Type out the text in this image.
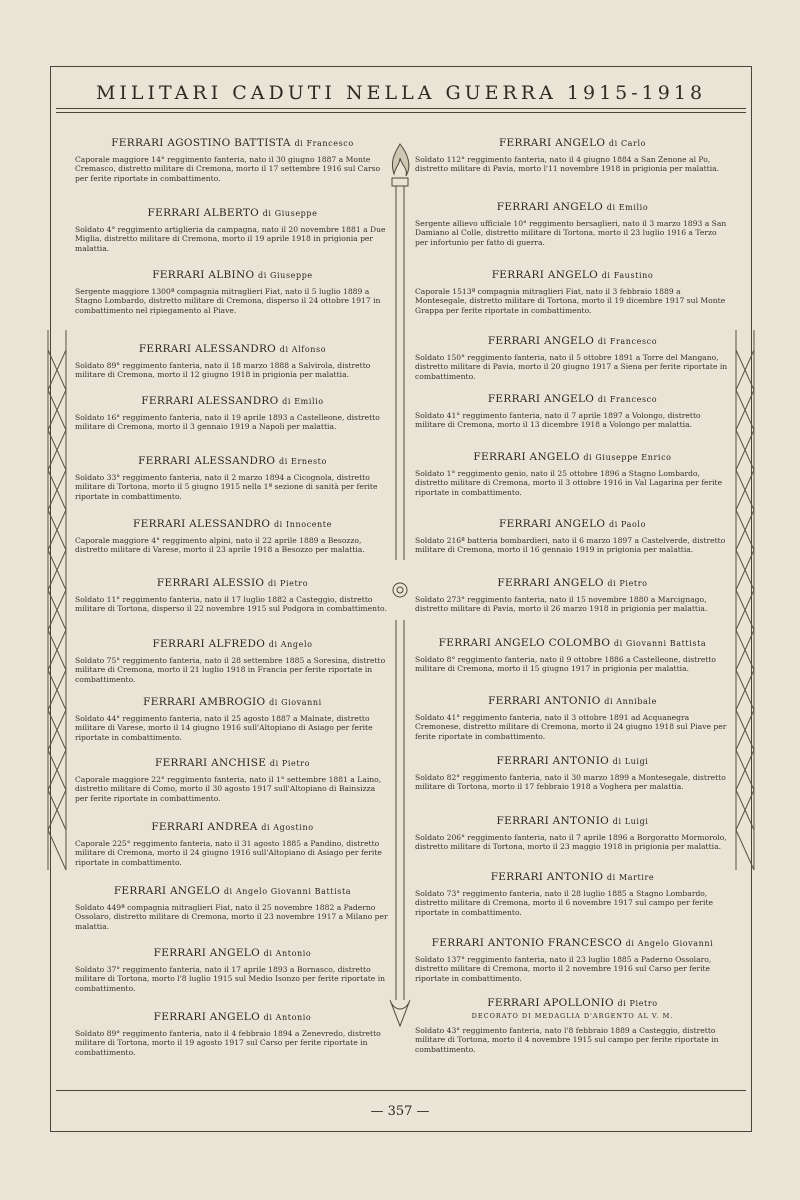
MILITARI CADUTI NELLA GUERRA 1915-1918
FERRARI AGOSTINO BATTISTA di Francesco
Caporale maggiore 14° reggimento fanteria, nato il 30 giugno 1887 a Monte Cremasco, distretto militare di Cremona, morto il 17 settembre 1916 sul Carso per ferite riportate in combattimento.
FERRARI ALBERTO di Giuseppe
Soldato 4° reggimento artiglieria da campagna, nato il 20 novembre 1881 a Due Miglia, distretto militare di Cremona, morto il 19 aprile 1918 in prigionia per malattia.
FERRARI ALBINO di Giuseppe
Sergente maggiore 1300ª compagnia mitraglieri Fiat, nato il 5 luglio 1889 a Stagno Lombardo, distretto militare di Cremona, disperso il 24 ottobre 1917 in combattimento nel ripiegamento al Piave.
FERRARI ALESSANDRO di Alfonso
Soldato 89° reggimento fanteria, nato il 18 marzo 1888 a Salvirola, distretto militare di Cremona, morto il 12 giugno 1918 in prigionia per malattia.
FERRARI ALESSANDRO di Emilio
Soldato 16° reggimento fanteria, nato il 19 aprile 1893 a Castelleone, distretto militare di Cremona, morto il 3 gennaio 1919 a Napoli per malattia.
FERRARI ALESSANDRO di Ernesto
Soldato 33° reggimento fanteria, nato il 2 marzo 1894 a Cicognola, distretto militare di Tortona, morto il 5 giugno 1915 nella 1ª sezione di sanità per ferite riportate in combattimento.
FERRARI ALESSANDRO di Innocente
Caporale maggiore 4° reggimento alpini, nato il 22 aprile 1889 a Besozzo, distretto militare di Varese, morto il 23 aprile 1918 a Besozzo per malattia.
FERRARI ALESSIO di Pietro
Soldato 11° reggimento fanteria, nato il 17 luglio 1882 a Casteggio, distretto militare di Tortona, disperso il 22 novembre 1915 sul Podgora in combattimento.
FERRARI ALFREDO di Angelo
Soldato 75° reggimento fanteria, nato il 28 settembre 1885 a Soresina, distretto militare di Cremona, morto il 21 luglio 1918 in Francia per ferite riportate in combattimento.
FERRARI AMBROGIO di Giovanni
Soldato 44° reggimento fanteria, nato il 25 agosto 1887 a Malnate, distretto militare di Varese, morto il 14 giugno 1916 sull'Altopiano di Asiago per ferite riportate in combattimento.
FERRARI ANCHISE di Pietro
Caporale maggiore 22° reggimento fanteria, nato il 1° settembre 1881 a Laino, distretto militare di Como, morto il 30 agosto 1917 sull'Altopiano di Bainsizza per ferite riportate in combattimento.
FERRARI ANDREA di Agostino
Caporale 225° reggimento fanteria, nato il 31 agosto 1885 a Pandino, distretto militare di Cremona, morto il 24 giugno 1916 sull'Altopiano di Asiago per ferite riportate in combattimento.
FERRARI ANGELO di Angelo Giovanni Battista
Soldato 449ª compagnia mitraglieri Fiat, nato il 25 novembre 1882 a Paderno Ossolaro, distretto militare di Cremona, morto il 23 novembre 1917 a Milano per malattia.
FERRARI ANGELO di Antonio
Soldato 37° reggimento fanteria, nato il 17 aprile 1893 a Bornasco, distretto militare di Tortona, morto l'8 luglio 1915 sul Medio Isonzo per ferite riportate in combattimento.
FERRARI ANGELO di Antonio
Soldato 89° reggimento fanteria, nato il 4 febbraio 1894 a Zenevredo, distretto militare di Tortona, morto il 19 agosto 1917 sul Carso per ferite riportate in combattimento.
FERRARI ANGELO di Carlo
Soldato 112° reggimento fanteria, nato il 4 giugno 1884 a San Zenone al Po, distretto militare di Pavia, morto l'11 novembre 1918 in prigionia per malattia.
FERRARI ANGELO di Emilio
Sergente allievo ufficiale 10° reggimento bersaglieri, nato il 3 marzo 1893 a San Damiano al Colle, distretto militare di Tortona, morto il 23 luglio 1916 a Terzo per infortunio per fatto di guerra.
FERRARI ANGELO di Faustino
Caporale 1513ª compagnia mitraglieri Fiat, nato il 3 febbraio 1889 a Montesegale, distretto militare di Tortona, morto il 19 dicembre 1917 sul Monte Grappa per ferite riportate in combattimento.
FERRARI ANGELO di Francesco
Soldato 150° reggimento fanteria, nato il 5 ottobre 1891 a Torre del Mangano, distretto militare di Pavia, morto il 20 giugno 1917 a Siena per ferite riportate in combattimento.
FERRARI ANGELO di Francesco
Soldato 41° reggimento fanteria, nato il 7 aprile 1897 a Volongo, distretto militare di Cremona, morto il 13 dicembre 1918 a Volongo per malattia.
FERRARI ANGELO di Giuseppe Enrico
Soldato 1° reggimento genio, nato il 25 ottobre 1896 a Stagno Lombardo, distretto militare di Cremona, morto il 3 ottobre 1916 in Val Lagarina per ferite riportate in combattimento.
FERRARI ANGELO di Paolo
Soldato 216ª batteria bombardieri, nato il 6 marzo 1897 a Castelverde, distretto militare di Cremona, morto il 16 gennaio 1919 in prigionia per malattia.
FERRARI ANGELO di Pietro
Soldato 273° reggimento fanteria, nato il 15 novembre 1880 a Marcignago, distretto militare di Pavia, morto il 26 marzo 1918 in prigionia per malattia.
FERRARI ANGELO COLOMBO di Giovanni Battista
Soldato 8° reggimento fanteria, nato il 9 ottobre 1886 a Castelleone, distretto militare di Cremona, morto il 15 giugno 1917 in prigionia per malattia.
FERRARI ANTONIO di Annibale
Soldato 41° reggimento fanteria, nato il 3 ottobre 1891 ad Acquanegra Cremonese, distretto militare di Cremona, morto il 24 giugno 1918 sul Piave per ferite riportate in combattimento.
FERRARI ANTONIO di Luigi
Soldato 82° reggimento fanteria, nato il 30 marzo 1899 a Montesegale, distretto militare di Tortona, morto il 17 febbraio 1918 a Voghera per malattia.
FERRARI ANTONIO di Luigi
Soldato 206° reggimento fanteria, nato il 7 aprile 1896 a Borgoratto Mormorolo, distretto militare di Tortona, morto il 23 maggio 1918 in prigionia per malattia.
FERRARI ANTONIO di Martire
Soldato 73° reggimento fanteria, nato il 28 luglio 1885 a Stagno Lombardo, distretto militare di Cremona, morto il 6 novembre 1917 sul campo per ferite riportate in combattimento.
FERRARI ANTONIO FRANCESCO di Angelo Giovanni
Soldato 137° reggimento fanteria, nato il 23 luglio 1885 a Paderno Ossolaro, distretto militare di Cremona, morto il 2 novembre 1916 sul Carso per ferite riportate in combattimento.
FERRARI APOLLONIO di Pietro
DECORATO DI MEDAGLIA D'ARGENTO AL V. M.
Soldato 43° reggimento fanteria, nato l'8 febbraio 1889 a Casteggio, distretto militare di Tortona, morto il 4 novembre 1915 sul campo per ferite riportate in combattimento.
— 357 —
